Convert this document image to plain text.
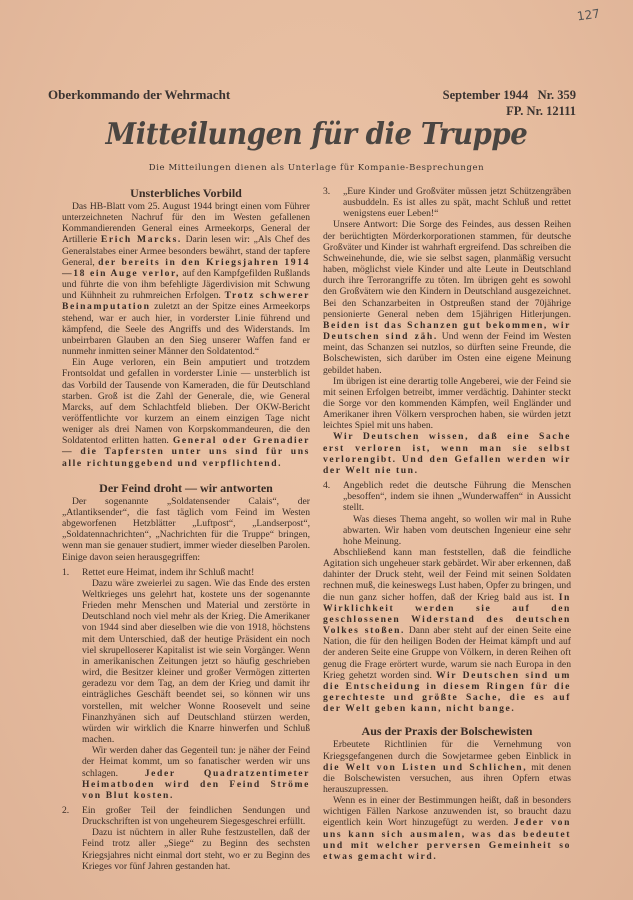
127
Oberkommando der Wehrmacht	September 1944   Nr. 359
FP. Nr. 12111
Mitteilungen für die Truppe
Die Mitteilungen dienen als Unterlage für Kompanie-Besprechungen
Unsterbliches Vorbild

Das HB-Blatt vom 25. August 1944 bringt einen vom Führer unterzeichneten Nachruf für den im Westen gefallenen Kommandierenden General eines Armeekorps, General der Artillerie Erich Marcks. Darin lesen wir: „Als Chef des Generalstabes einer Armee besonders bewährt, stand der tapfere General, der bereits in den Kriegsjahren 1914—18 ein Auge verlor, auf den Kampfgefilden Rußlands und führte die von ihm befehligte Jägerdivision mit Schwung und Kühnheit zu ruhmreichen Erfolgen. Trotz schwerer Beinamputation zuletzt an der Spitze eines Armeekorps stehend, war er auch hier, in vorderster Linie führend und kämpfend, die Seele des Angriffs und des Widerstands. Im unbeirrbaren Glauben an den Sieg unserer Waffen fand er nunmehr inmitten seiner Männer den Soldatentod.“

Ein Auge verloren, ein Bein amputiert und trotzdem Frontsoldat und gefallen in vorderster Linie — unsterblich ist das Vorbild der Tausende von Kameraden, die für Deutschland starben. Groß ist die Zahl der Generale, die, wie General Marcks, auf dem Schlachtfeld blieben. Der OKW-Bericht veröffentlichte vor kurzem an einem einzigen Tage nicht weniger als drei Namen von Korpskommandeuren, die den Soldatentod erlitten hatten. General oder Grenadier — die Tapfersten unter uns sind für uns alle richtunggebend und verpflichtend.

Der Feind droht — wir antworten

Der sogenannte „Soldatensender Calais“, der „Atlantiksender“, die fast täglich vom Feind im Westen abgeworfenen Hetzblätter „Luftpost“, „Landserpost“, „Soldatennachrichten“, „Nachrichten für die Truppe“ bringen, wenn man sie genauer studiert, immer wieder dieselben Parolen. Einige davon seien herausgegriffen:

1. Rettet eure Heimat, indem ihr Schluß macht!

Dazu wäre zweierlei zu sagen. Wie das Ende des ersten Weltkrieges uns gelehrt hat, kostete uns der sogenannte Frieden mehr Menschen und Material und zerstörte in Deutschland noch viel mehr als der Krieg. Die Amerikaner von 1944 sind aber dieselben wie die von 1918, höchstens mit dem Unterschied, daß der heutige Präsident ein noch viel skrupelloserer Kapitalist ist wie sein Vorgänger. Wenn in amerikanischen Zeitungen jetzt so häufig geschrieben wird, die Besitzer kleiner und großer Vermögen zitterten geradezu vor dem Tag, an dem der Krieg und damit ihr einträgliches Geschäft beendet sei, so können wir uns vorstellen, mit welcher Wonne Roosevelt und seine Finanzhyänen sich auf Deutschland stürzen werden, würden wir wirklich die Knarre hinwerfen und Schluß machen.

Wir werden daher das Gegenteil tun: je näher der Feind der Heimat kommt, um so fanatischer werden wir uns schlagen. Jeder Quadratzentimeter Heimatboden wird den Feind Ströme von Blut kosten.

2. Ein großer Teil der feindlichen Sendungen und Druckschriften ist von ungeheurem Siegesgeschrei erfüllt.

Dazu ist nüchtern in aller Ruhe festzustellen, daß der Feind trotz aller „Siege“ zu Beginn des sechsten Kriegsjahres nicht einmal dort steht, wo er zu Beginn des Krieges vor fünf Jahren gestanden hat.

3. „Eure Kinder und Großväter müssen jetzt Schützengräben ausbuddeln. Es ist alles zu spät, macht Schluß und rettet wenigstens euer Leben!“

Unsere Antwort: Die Sorge des Feindes, aus dessen Reihen der berüchtigten Mörderkorporationen stammen, für deutsche Großväter und Kinder ist wahrhaft ergreifend. Das schreiben die Schweinehunde, die, wie sie selbst sagen, planmäßig versucht haben, möglichst viele Kinder und alte Leute in Deutschland durch ihre Terrorangriffe zu töten. Im übrigen geht es sowohl den Großvätern wie den Kindern in Deutschland ausgezeichnet. Bei den Schanzarbeiten in Ostpreußen stand der 70jährige pensionierte General neben dem 15jährigen Hitlerjungen. Beiden ist das Schanzen gut bekommen, wir Deutschen sind zäh. Und wenn der Feind im Westen meint, das Schanzen sei nutzlos, so dürften seine Freunde, die Bolschewisten, sich darüber im Osten eine eigene Meinung gebildet haben.

Im übrigen ist eine derartig tolle Angeberei, wie der Feind sie mit seinen Erfolgen betreibt, immer verdächtig. Dahinter steckt die Sorge vor den kommenden Kämpfen, weil Engländer und Amerikaner ihren Völkern versprochen haben, sie würden jetzt leichtes Spiel mit uns haben.

Wir Deutschen wissen, daß eine Sache erst verloren ist, wenn man sie selbst verlorengibt. Und den Gefallen werden wir der Welt nie tun.

4. Angeblich redet die deutsche Führung die Menschen „besoffen“, indem sie ihnen „Wunderwaffen“ in Aussicht stellt.

Was dieses Thema angeht, so wollen wir mal in Ruhe abwarten. Wir haben vom deutschen Ingenieur eine sehr hohe Meinung.

Abschließend kann man feststellen, daß die feindliche Agitation sich ungeheuer stark gebärdet. Wir aber erkennen, daß dahinter der Druck steht, weil der Feind mit seinen Soldaten rechnen muß, die keineswegs Lust haben, Opfer zu bringen, und die nun ganz sicher hoffen, daß der Krieg bald aus ist. In Wirklichkeit werden sie auf den geschlossenen Widerstand des deutschen Volkes stoßen. Dann aber steht auf der einen Seite eine Nation, die für den heiligen Boden der Heimat kämpft und auf der anderen Seite eine Gruppe von Völkern, in deren Reihen oft genug die Frage erörtert wurde, warum sie nach Europa in den Krieg gehetzt worden sind. Wir Deutschen sind um die Entscheidung in diesem Ringen für die gerechteste und größte Sache, die es auf der Welt geben kann, nicht bange.

Aus der Praxis der Bolschewisten

Erbeutete Richtlinien für die Vernehmung von Kriegsgefangenen durch die Sowjetarmee geben Einblick in die Welt von Listen und Schlichen, mit denen die Bolschewisten versuchen, aus ihren Opfern etwas herauszupressen.

Wenn es in einer der Bestimmungen heißt, daß in besonders wichtigen Fällen Narkose anzuwenden ist, so braucht dazu eigentlich kein Wort hinzugefügt zu werden. Jeder von uns kann sich ausmalen, was das bedeutet und mit welcher perversen Gemeinheit so etwas gemacht wird.
